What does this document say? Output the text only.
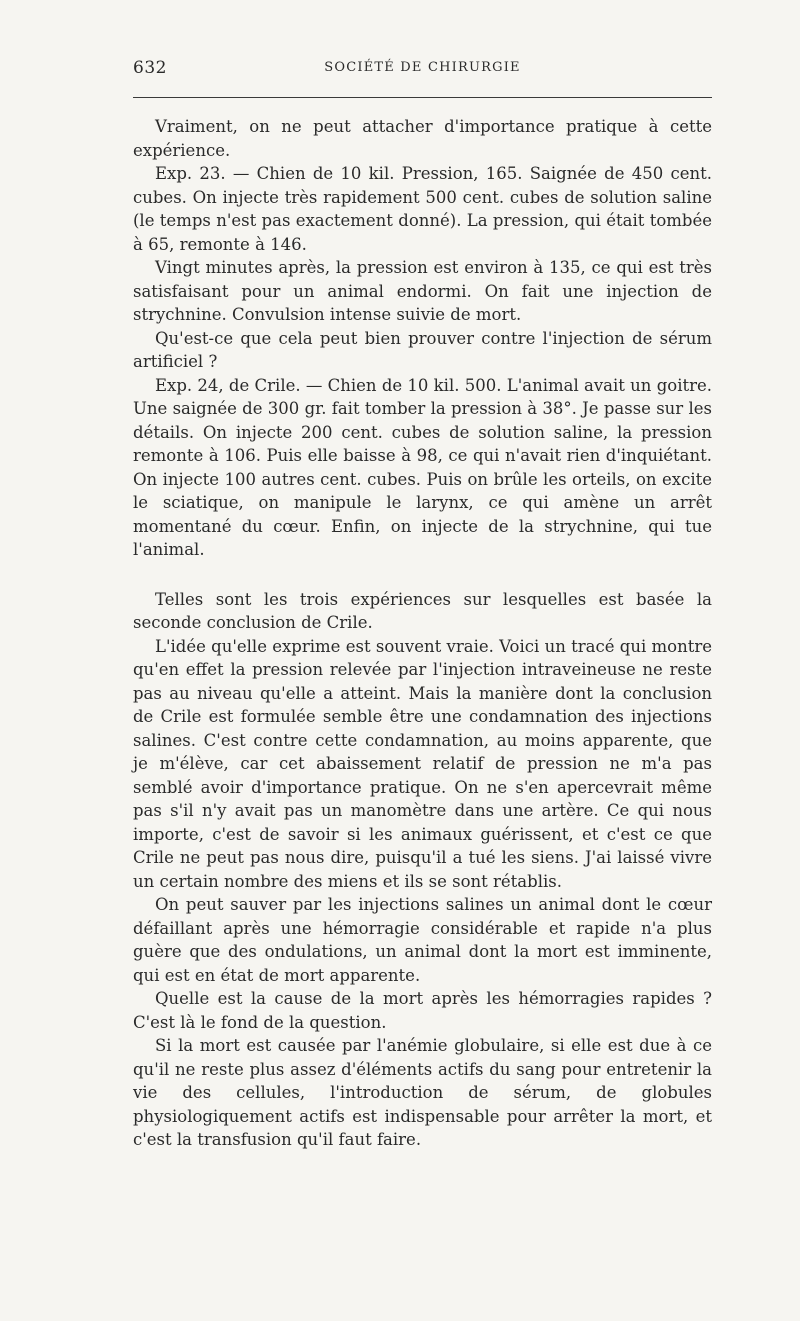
632	SOCIÉTÉ DE CHIRURGIE

Vraiment, on ne peut attacher d'importance pratique à cette expérience.

Exp. 23. — Chien de 10 kil. Pression, 165. Saignée de 450 cent. cubes. On injecte très rapidement 500 cent. cubes de solution saline (le temps n'est pas exactement donné). La pression, qui était tombée à 65, remonte à 146.

Vingt minutes après, la pression est environ à 135, ce qui est très satisfaisant pour un animal endormi. On fait une injection de strychnine. Convulsion intense suivie de mort.

Qu'est-ce que cela peut bien prouver contre l'injection de sérum artificiel ?

Exp. 24, de Crile. — Chien de 10 kil. 500. L'animal avait un goitre. Une saignée de 300 gr. fait tomber la pression à 38°. Je passe sur les détails. On injecte 200 cent. cubes de solution saline, la pression remonte à 106. Puis elle baisse à 98, ce qui n'avait rien d'inquiétant. On injecte 100 autres cent. cubes. Puis on brûle les orteils, on excite le sciatique, on manipule le larynx, ce qui amène un arrêt momentané du cœur. Enfin, on injecte de la strychnine, qui tue l'animal.

Telles sont les trois expériences sur lesquelles est basée la seconde conclusion de Crile.

L'idée qu'elle exprime est souvent vraie. Voici un tracé qui montre qu'en effet la pression relevée par l'injection intraveineuse ne reste pas au niveau qu'elle a atteint. Mais la manière dont la conclusion de Crile est formulée semble être une condamnation des injections salines. C'est contre cette condamnation, au moins apparente, que je m'élève, car cet abaissement relatif de pression ne m'a pas semblé avoir d'importance pratique. On ne s'en apercevrait même pas s'il n'y avait pas un manomètre dans une artère. Ce qui nous importe, c'est de savoir si les animaux guérissent, et c'est ce que Crile ne peut pas nous dire, puisqu'il a tué les siens. J'ai laissé vivre un certain nombre des miens et ils se sont rétablis.

On peut sauver par les injections salines un animal dont le cœur défaillant après une hémorragie considérable et rapide n'a plus guère que des ondulations, un animal dont la mort est imminente, qui est en état de mort apparente.

Quelle est la cause de la mort après les hémorragies rapides ? C'est là le fond de la question.

Si la mort est causée par l'anémie globulaire, si elle est due à ce qu'il ne reste plus assez d'éléments actifs du sang pour entretenir la vie des cellules, l'introduction de sérum, de globules physiologiquement actifs est indispensable pour arrêter la mort, et c'est la transfusion qu'il faut faire.
